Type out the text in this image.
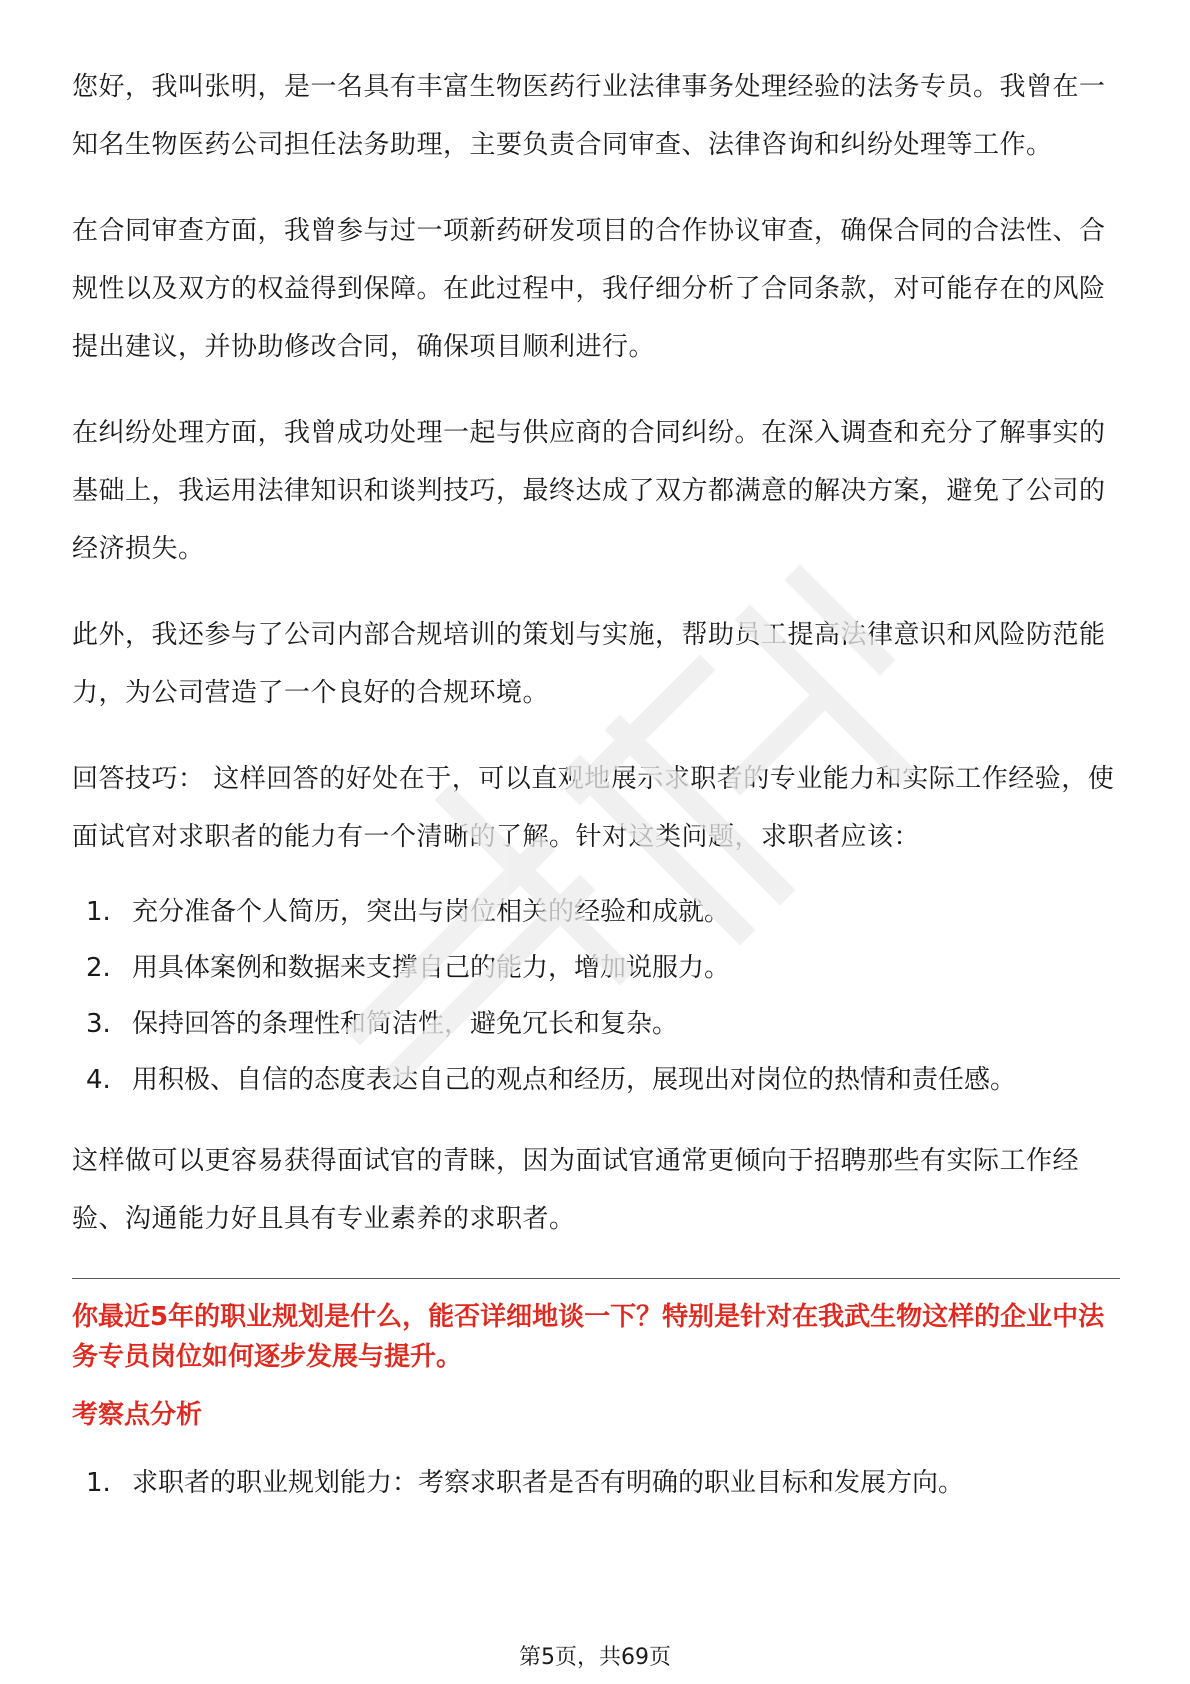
您好，我叫张明，是一名具有丰富生物医药行业法律事务处理经验的法务专员。我曾在一知名生物医药公司担任法务助理，主要负责合同审查、法律咨询和纠纷处理等工作。

在合同审查方面，我曾参与过一项新药研发项目的合作协议审查，确保合同的合法性、合规性以及双方的权益得到保障。在此过程中，我仔细分析了合同条款，对可能存在的风险提出建议，并协助修改合同，确保项目顺利进行。

在纠纷处理方面，我曾成功处理一起与供应商的合同纠纷。在深入调查和充分了解事实的基础上，我运用法律知识和谈判技巧，最终达成了双方都满意的解决方案，避免了公司的经济损失。

此外，我还参与了公司内部合规培训的策划与实施，帮助员工提高法律意识和风险防范能力，为公司营造了一个良好的合规环境。

回答技巧： 这样回答的好处在于，可以直观地展示求职者的专业能力和实际工作经验，使面试官对求职者的能力有一个清晰的了解。针对这类问题，求职者应该：

1. 充分准备个人简历，突出与岗位相关的经验和成就。
2. 用具体案例和数据来支撑自己的能力，增加说服力。
3. 保持回答的条理性和简洁性，避免冗长和复杂。
4. 用积极、自信的态度表达自己的观点和经历，展现出对岗位的热情和责任感。

这样做可以更容易获得面试官的青睐，因为面试官通常更倾向于招聘那些有实际工作经验、沟通能力好且具有专业素养的求职者。

你最近5年的职业规划是什么，能否详细地谈一下？特别是针对在我武生物这样的企业中法务专员岗位如何逐步发展与提升。

考察点分析

1. 求职者的职业规划能力：考察求职者是否有明确的职业目标和发展方向。
第5页，共69页
